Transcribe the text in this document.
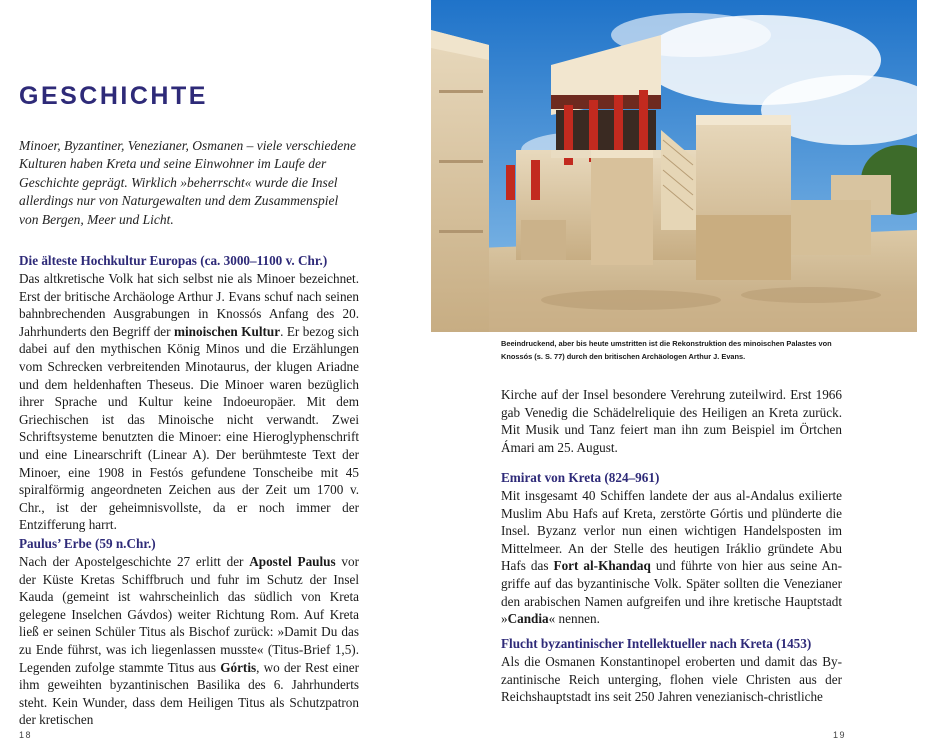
GESCHICHTE

Minoer, Byzantiner, Venezianer, Osmanen – viele verschiedene Kulturen haben Kreta und seine Einwohner im Laufe der Geschichte geprägt. Wirklich »beherrscht« wurde die Insel allerdings nur von Naturgewalten und dem Zusammenspiel von Bergen, Meer und Licht.

Die älteste Hochkultur Europas (ca. 3000–1100 v. Chr.)

Das altkretische Volk hat sich selbst nie als Minoer bezeichnet. Erst der britische Archäologe Arthur J. Evans schuf nach seinen bahnbrechenden Ausgrabungen in Knossós Anfang des 20. Jahrhunderts den Begriff der minoischen Kultur. Er bezog sich dabei auf den mythischen König Minos und die Erzählungen vom Schrecken verbreitenden Minotaurus, der klugen Ariadne und dem heldenhaften Theseus. Die Minoer waren bezüglich ihrer Sprache und Kultur keine Indoeuropäer. Mit dem Griechischen ist das Minoische nicht verwandt. Zwei Schriftsysteme benutzten die Minoer: eine Hieroglyphenschrift und eine Linearschrift (Linear A). Der berühmteste Text der Minoer, eine 1908 in Festós gefundene Tonscheibe mit 45 spiralförmig angeordneten Zeichen aus der Zeit um 1700 v. Chr., ist der geheimnisvollste, da er noch immer der Entzifferung harrt.

Paulus’ Erbe (59 n.Chr.)

Nach der Apostelgeschichte 27 erlitt der Apostel Paulus vor der Küste Kretas Schiffbruch und fuhr im Schutz der Insel Kauda (gemeint ist wahrscheinlich das südlich von Kreta gelegene Inselchen Gávdos) weiter Richtung Rom. Auf Kreta ließ er seinen Schüler Titus als Bischof zurück: »Damit Du das zu Ende führst, was ich liegenlassen musste« (Titus-Brief 1,5). Legenden zufolge stammte Titus aus Górtis, wo der Rest einer ihm geweihten byzantinischen Basilika des 6. Jahrhunderts steht. Kein Wunder, dass dem Heiligen Titus als Schutzpatron der kretischen

18

Beeindruckend, aber bis heute umstritten ist die Rekonstruktion des minoischen Palastes von Knossós (s. S. 77) durch den britischen Archäologen Arthur J. Evans.

Kirche auf der Insel besondere Verehrung zuteilwird. Erst 1966 gab Venedig die Schädelreliquie des Heiligen an Kreta zurück. Mit Musik und Tanz feiert man ihn zum Beispiel im Örtchen Ámari am 25. August.

Emirat von Kreta (824–961)

Mit insgesamt 40 Schiffen landete der aus al-Andalus exilierte Muslim Abu Hafs auf Kreta, zerstörte Górtis und plünderte die Insel. Byzanz verlor nun einen wichtigen Handelsposten im Mittelmeer. An der Stelle des heutigen Iráklio gründete Abu Hafs das Fort al-Khandaq und führte von hier aus seine Angriffe auf das byzantinische Volk. Später sollten die Venezianer den arabischen Namen aufgreifen und ihre kretische Hauptstadt »Candia« nennen.

Flucht byzantinischer Intellektueller nach Kreta (1453)

Als die Osmanen Konstantinopel eroberten und damit das Byzantinische Reich unterging, flohen viele Christen aus der Reichshauptstadt ins seit 250 Jahren venezianisch-christliche

19
